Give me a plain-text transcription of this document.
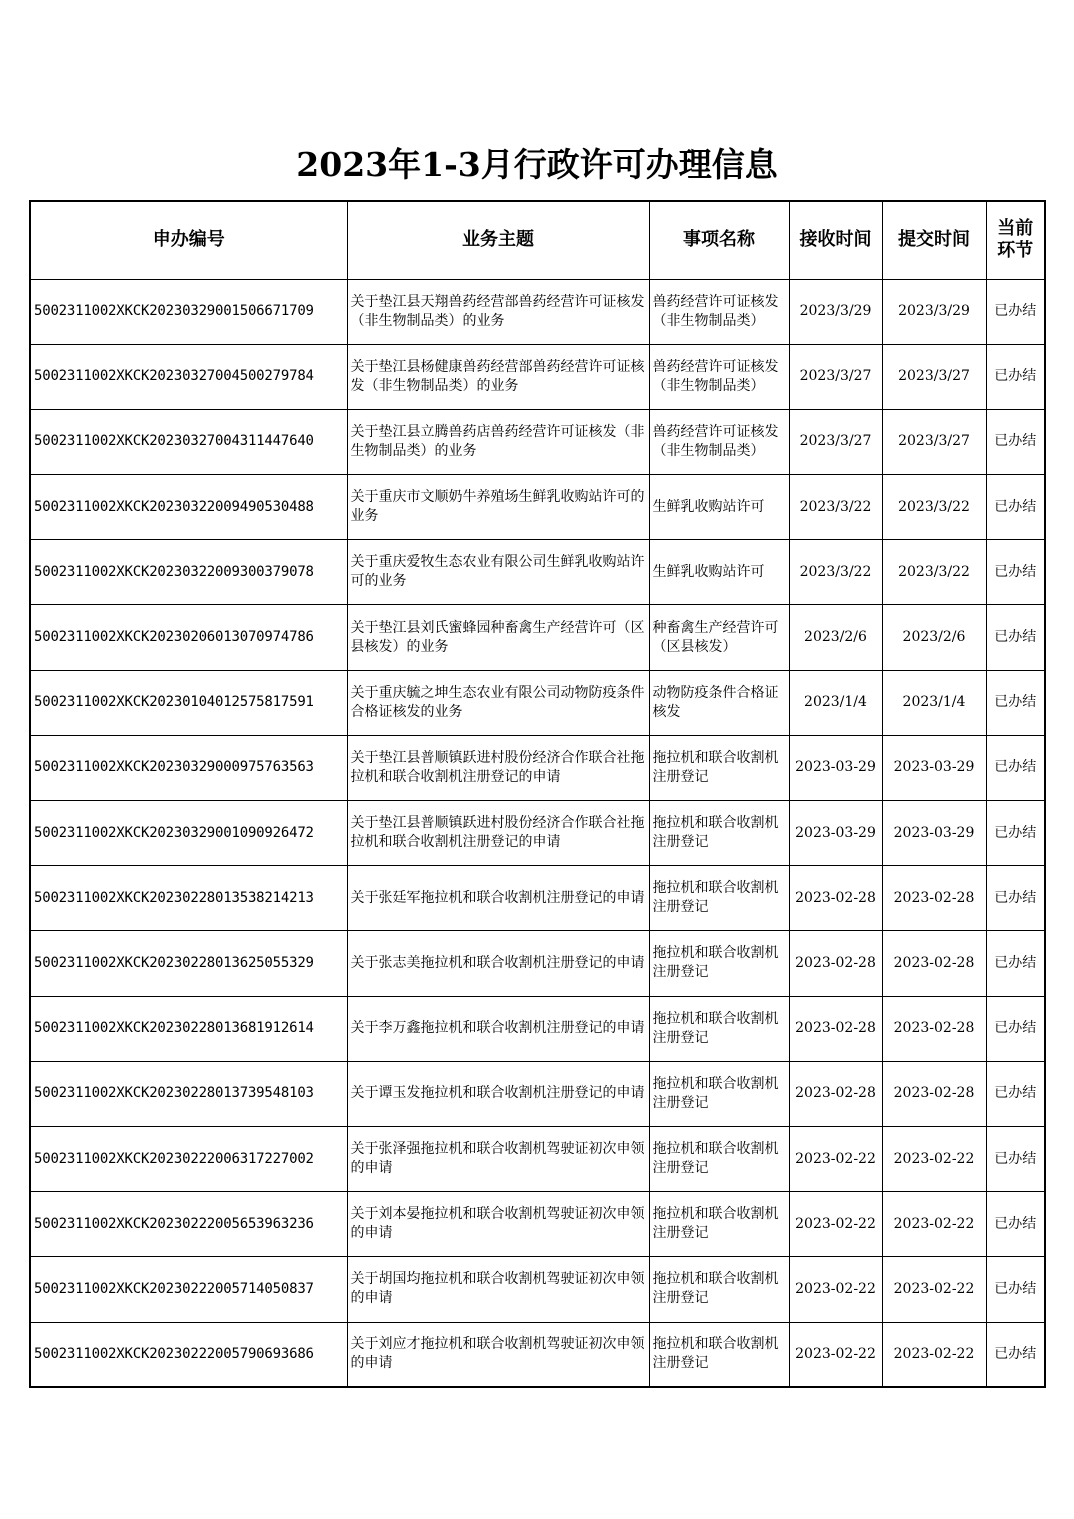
2023年1-3月行政许可办理信息
申办编号	业务主题	事项名称	接收时间	提交时间	当前环节
5002311002XKCK20230329001506671709	关于垫江县天翔兽药经营部兽药经营许可证核发（非生物制品类）的业务	兽药经营许可证核发（非生物制品类）	2023/3/29	2023/3/29	已办结
5002311002XKCK20230327004500279784	关于垫江县杨健康兽药经营部兽药经营许可证核发（非生物制品类）的业务	兽药经营许可证核发（非生物制品类）	2023/3/27	2023/3/27	已办结
5002311002XKCK20230327004311447640	关于垫江县立腾兽药店兽药经营许可证核发（非生物制品类）的业务	兽药经营许可证核发（非生物制品类）	2023/3/27	2023/3/27	已办结
5002311002XKCK20230322009490530488	关于重庆市文顺奶牛养殖场生鲜乳收购站许可的业务	生鲜乳收购站许可	2023/3/22	2023/3/22	已办结
5002311002XKCK20230322009300379078	关于重庆爱牧生态农业有限公司生鲜乳收购站许可的业务	生鲜乳收购站许可	2023/3/22	2023/3/22	已办结
5002311002XKCK20230206013070974786	关于垫江县刘氏蜜蜂园种畜禽生产经营许可（区县核发）的业务	种畜禽生产经营许可（区县核发）	2023/2/6	2023/2/6	已办结
5002311002XKCK20230104012575817591	关于重庆毓之坤生态农业有限公司动物防疫条件合格证核发的业务	动物防疫条件合格证核发	2023/1/4	2023/1/4	已办结
5002311002XKCK20230329000975763563	关于垫江县普顺镇跃进村股份经济合作联合社拖拉机和联合收割机注册登记的申请	拖拉机和联合收割机注册登记	2023-03-29	2023-03-29	已办结
5002311002XKCK20230329001090926472	关于垫江县普顺镇跃进村股份经济合作联合社拖拉机和联合收割机注册登记的申请	拖拉机和联合收割机注册登记	2023-03-29	2023-03-29	已办结
5002311002XKCK20230228013538214213	关于张廷军拖拉机和联合收割机注册登记的申请	拖拉机和联合收割机注册登记	2023-02-28	2023-02-28	已办结
5002311002XKCK20230228013625055329	关于张志美拖拉机和联合收割机注册登记的申请	拖拉机和联合收割机注册登记	2023-02-28	2023-02-28	已办结
5002311002XKCK20230228013681912614	关于李万鑫拖拉机和联合收割机注册登记的申请	拖拉机和联合收割机注册登记	2023-02-28	2023-02-28	已办结
5002311002XKCK20230228013739548103	关于谭玉发拖拉机和联合收割机注册登记的申请	拖拉机和联合收割机注册登记	2023-02-28	2023-02-28	已办结
5002311002XKCK20230222006317227002	关于张泽强拖拉机和联合收割机驾驶证初次申领的申请	拖拉机和联合收割机注册登记	2023-02-22	2023-02-22	已办结
5002311002XKCK20230222005653963236	关于刘本晏拖拉机和联合收割机驾驶证初次申领的申请	拖拉机和联合收割机注册登记	2023-02-22	2023-02-22	已办结
5002311002XKCK20230222005714050837	关于胡国均拖拉机和联合收割机驾驶证初次申领的申请	拖拉机和联合收割机注册登记	2023-02-22	2023-02-22	已办结
5002311002XKCK20230222005790693686	关于刘应才拖拉机和联合收割机驾驶证初次申领的申请	拖拉机和联合收割机注册登记	2023-02-22	2023-02-22	已办结
